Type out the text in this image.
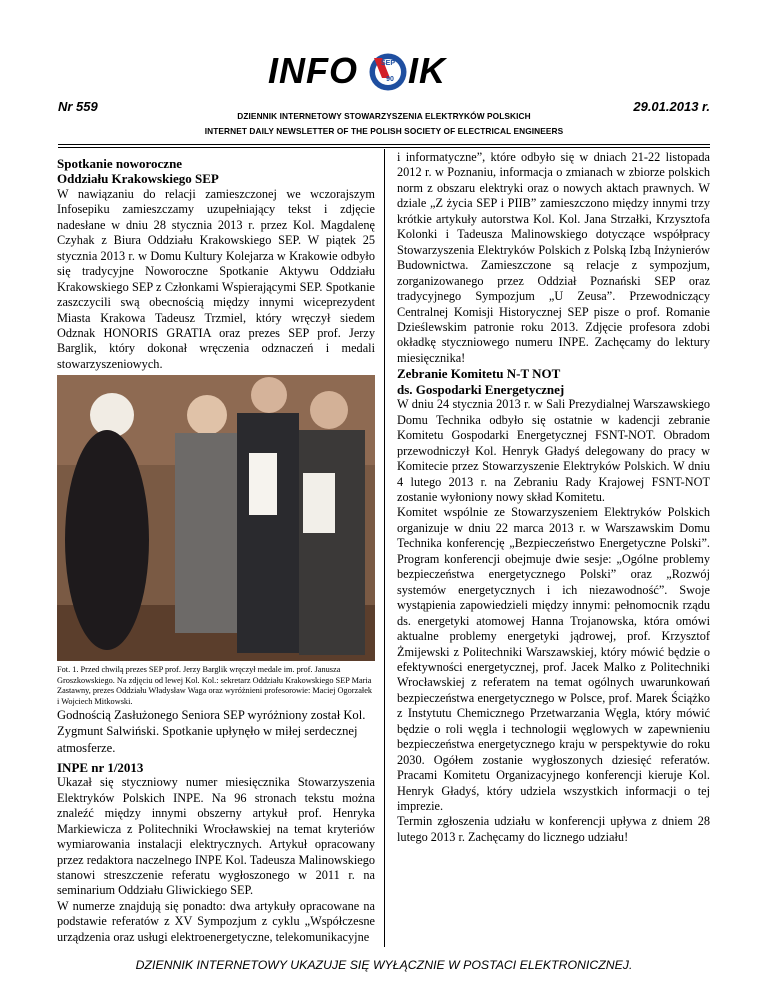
INFO	SEP
90 IK
Nr 559	29.01.2013 r.
DZIENNIK INTERNETOWY STOWARZYSZENIA ELEKTRYKÓW POLSKICH
INTERNET DAILY NEWSLETTER OF THE POLISH SOCIETY OF ELECTRICAL ENGINEERS
Spotkanie noworoczne
Oddziału Krakowskiego SEP

W nawiązaniu do relacji zamieszczonej we wczorajszym Infosepiku zamieszczamy uzupełniający tekst i zdjęcie nadesłane w dniu 28 stycznia 2013 r. przez Kol. Magdalenę Czyhak z Biura Oddziału Krakowskiego SEP. W piątek 25 stycznia 2013 r. w Domu Kultury Kolejarza w Krakowie odbyło się tradycyjne Noworoczne Spotkanie Aktywu Oddziału Krakowskiego SEP z Członkami Wspierającymi SEP. Spotkanie zaszczycili swą obecnością między innymi wiceprezydent Miasta Krakowa Tadeusz Trzmiel, który wręczył siedem Odznak HONORIS GRATIA oraz prezes SEP prof. Jerzy Barglik, który dokonał wręczenia odznaczeń i medali stowarzyszeniowych.

Fot. 1. Przed chwilą prezes SEP prof. Jerzy Barglik wręczył medale im. prof. Janusza Groszkowskiego. Na zdjęciu od lewej Kol. Kol.: sekretarz Oddziału Krakowskiego SEP Maria Zastawny, prezes Oddziału Władysław Waga oraz wyróżnieni profesorowie: Maciej Ogorzałek i Wojciech Mitkowski.

Godnością Zasłużonego Seniora SEP wyróżniony został Kol. Zygmunt Salwiński. Spotkanie upłynęło w miłej serdecznej atmosferze.

INPE nr 1/2013

Ukazał się styczniowy numer miesięcznika Stowarzyszenia Elektryków Polskich INPE. Na 96 stronach tekstu można znaleźć między innymi obszerny artykuł prof. Henryka Markiewicza z Politechniki Wrocławskiej na temat kryteriów wymiarowania instalacji elektrycznych. Artykuł opracowany przez redaktora naczelnego INPE Kol. Tadeusza Malinowskiego stanowi streszczenie referatu wygłoszonego w 2011 r. na seminarium Oddziału Gliwickiego SEP.

W numerze znajdują się ponadto: dwa artykuły opracowane na podstawie referatów z XV Sympozjum z cyklu „Współczesne urządzenia oraz usługi elektroenergetyczne, telekomunikacyjne

i informatyczne”, które odbyło się w dniach 21-22 listopada 2012 r. w Poznaniu, informacja o zmianach w zbiorze polskich norm z obszaru elektryki oraz o nowych aktach prawnych. W dziale „Z życia SEP i PIIB” zamieszczono między innymi trzy krótkie artykuły autorstwa Kol. Kol. Jana Strzałki, Krzysztofa Kolonki i Tadeusza Malinowskiego dotyczące współpracy Stowarzyszenia Elektryków Polskich z Polską Izbą Inżynierów Budownictwa. Zamieszczone są relacje z sympozjum, zorganizowanego przez Oddział Poznański SEP oraz tradycyjnego Sympozjum „U Zeusa”. Przewodniczący Centralnej Komisji Historycznej SEP pisze o prof. Romanie Dzieślewskim patronie roku 2013. Zdjęcie profesora zdobi okładkę styczniowego numeru INPE. Zachęcamy do lektury miesięcznika!

Zebranie Komitetu N-T NOT
ds. Gospodarki Energetycznej

W dniu 24 stycznia 2013 r. w Sali Prezydialnej Warszawskiego Domu Technika odbyło się ostatnie w kadencji zebranie Komitetu Gospodarki Energetycznej FSNT-NOT. Obradom przewodniczył Kol. Henryk Gładyś delegowany do pracy w Komitecie przez Stowarzyszenie Elektryków Polskich. W dniu 4 lutego 2013 r. na Zebraniu Rady Krajowej FSNT-NOT zostanie wyłoniony nowy skład Komitetu.

Komitet wspólnie ze Stowarzyszeniem Elektryków Polskich organizuje w dniu 22 marca 2013 r. w Warszawskim Domu Technika konferencję „Bezpieczeństwo Energetyczne Polski”. Program konferencji obejmuje dwie sesje: „Ogólne problemy bezpieczeństwa energetycznego Polski” oraz „Rozwój systemów energetycznych i ich niezawodność”. Swoje wystąpienia zapowiedzieli między innymi: pełnomocnik rządu ds. energetyki atomowej Hanna Trojanowska, która omówi aktualne problemy energetyki jądrowej, prof. Krzysztof Żmijewski z Politechniki Warszawskiej, który mówić będzie o efektywności energetycznej, prof. Jacek Malko z Politechniki Wrocławskiej z referatem na temat ogólnych uwarunkowań bezpieczeństwa energetycznego w Polsce, prof. Marek Ściążko z Instytutu Chemicznego Przetwarzania Węgla, który mówić będzie o roli węgla i technologii węglowych w zapewnieniu bezpieczeństwa energetycznego kraju w perspektywie do roku 2030. Ogółem zostanie wygłoszonych dziesięć referatów. Pracami Komitetu Organizacyjnego konferencji kieruje Kol. Henryk Gładyś, który udziela wszystkich informacji o tej imprezie.

Termin zgłoszenia udziału w konferencji upływa z dniem 28 lutego 2013 r. Zachęcamy do licznego udziału!

DZIENNIK INTERNETOWY UKAZUJE SIĘ WYŁĄCZNIE W POSTACI ELEKTRONICZNEJ.
